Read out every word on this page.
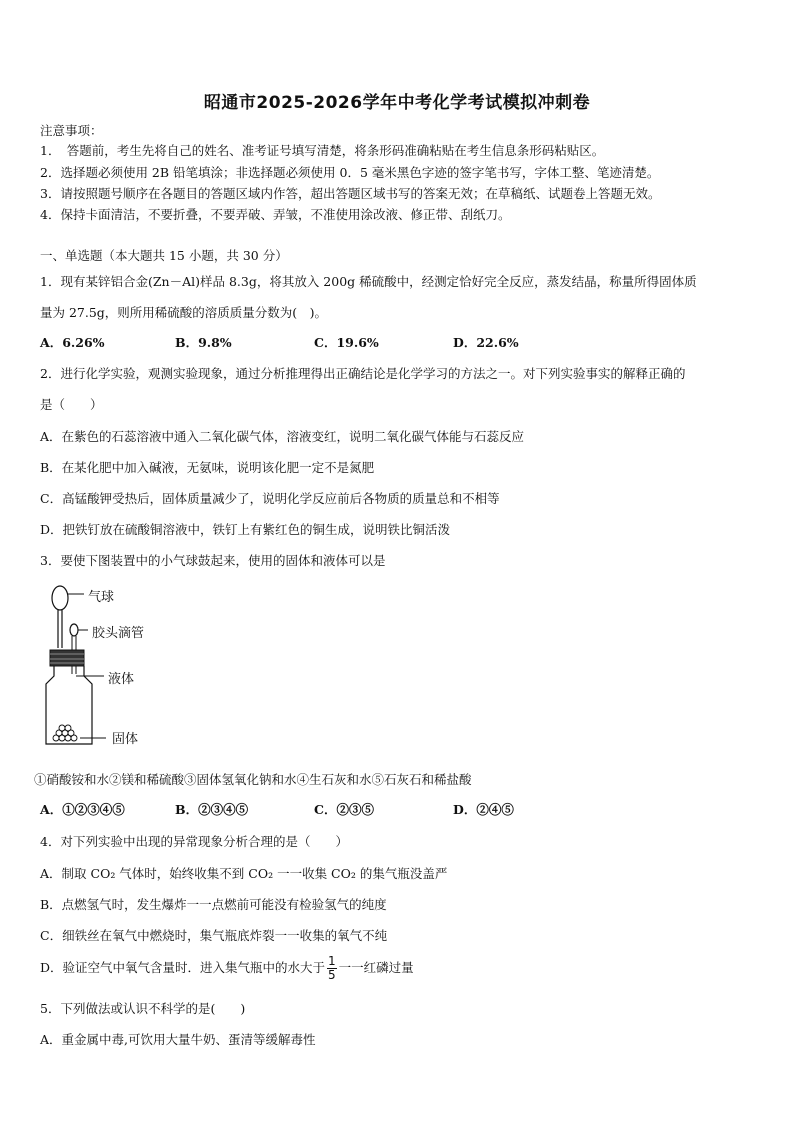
昭通市2025-2026学年中考化学考试模拟冲刺卷
注意事项：
1．　答题前，考生先将自己的姓名、准考证号填写清楚，将条形码准确粘贴在考生信息条形码粘贴区。
2．选择题必须使用 2B 铅笔填涂；非选择题必须使用 0．5 毫米黑色字迹的签字笔书写，字体工整、笔迹清楚。
3．请按照题号顺序在各题目的答题区域内作答，超出答题区域书写的答案无效；在草稿纸、试题卷上答题无效。
4．保持卡面清洁，不要折叠，不要弄破、弄皱，不准使用涂改液、修正带、刮纸刀。
一、单选题（本大题共 15 小题，共 30 分）
1．现有某锌铝合金(Zn－Al)样品 8.3g，将其放入 200g 稀硫酸中，经测定恰好完全反应，蒸发结晶，称量所得固体质
量为 27.5g，则所用稀硫酸的溶质质量分数为(　)。
A．6.26%	B．9.8%	C．19.6%	D．22.6%
2．进行化学实验，观测实验现象，通过分析推理得出正确结论是化学学习的方法之一。对下列实验事实的解释正确的
是（　　）
A．在紫色的石蕊溶液中通入二氧化碳气体，溶液变红，说明二氧化碳气体能与石蕊反应
B．在某化肥中加入碱液，无氨味，说明该化肥一定不是氮肥
C．高锰酸钾受热后，固体质量减少了，说明化学反应前后各物质的质量总和不相等
D．把铁钉放在硫酸铜溶液中，铁钉上有紫红色的铜生成，说明铁比铜活泼
3．要使下图装置中的小气球鼓起来，使用的固体和液体可以是
气球
胶头滴管
液体
固体
①硝酸铵和水②镁和稀硫酸③固体氢氧化钠和水④生石灰和水⑤石灰石和稀盐酸
A．①②③④⑤	B．②③④⑤	C．②③⑤	D．②④⑤
4．对下列实验中出现的异常现象分析合理的是（　　）
A．制取 CO₂ 气体时，始终收集不到 CO₂ 一一收集 CO₂ 的集气瓶没盖严
B．点燃氢气时，发生爆炸一一点燃前可能没有检验氢气的纯度
C．细铁丝在氧气中燃烧时，集气瓶底炸裂一一收集的氧气不纯
D．验证空气中氧气含量时．进入集气瓶中的水大于 $\frac{1}{5}$ 一一红磷过量
5．下列做法或认识不科学的是(　　)
A．重金属中毒,可饮用大量牛奶、蛋清等缓解毒性
